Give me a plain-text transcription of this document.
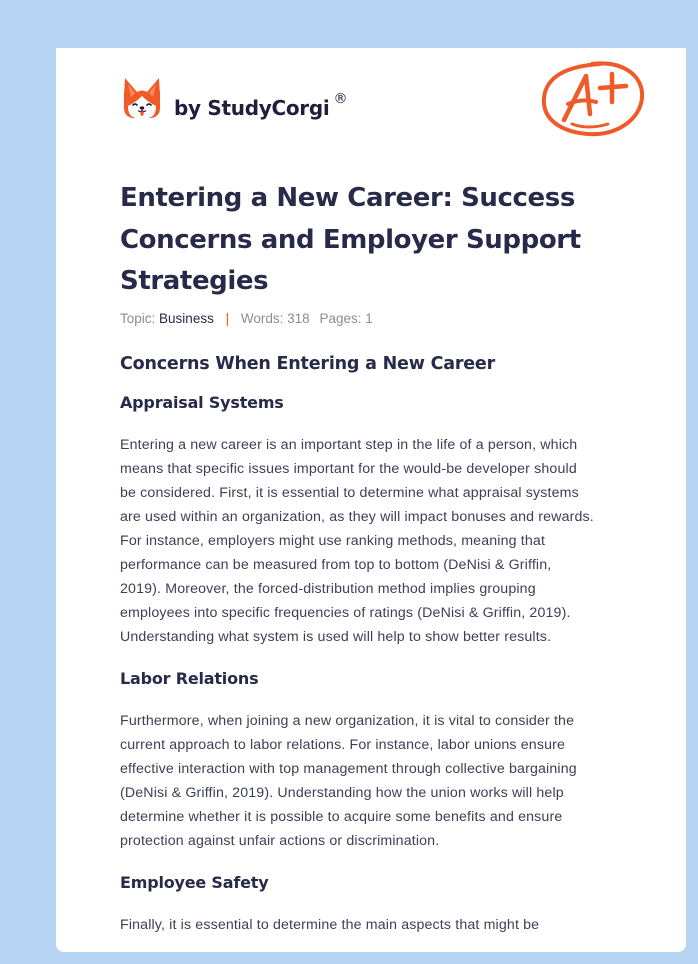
by StudyCorgi ®
Entering a New Career: Success Concerns and Employer Support Strategies
Topic: Business | Words: 318 Pages: 1
Concerns When Entering a New Career
Appraisal Systems

Entering a new career is an important step in the life of a person, which
means that specific issues important for the would-be developer should
be considered. First, it is essential to determine what appraisal systems
are used within an organization, as they will impact bonuses and rewards.
For instance, employers might use ranking methods, meaning that
performance can be measured from top to bottom (DeNisi & Griffin,
2019). Moreover, the forced-distribution method implies grouping
employees into specific frequencies of ratings (DeNisi & Griffin, 2019).
Understanding what system is used will help to show better results.

Labor Relations

Furthermore, when joining a new organization, it is vital to consider the
current approach to labor relations. For instance, labor unions ensure
effective interaction with top management through collective bargaining
(DeNisi & Griffin, 2019). Understanding how the union works will help
determine whether it is possible to acquire some benefits and ensure
protection against unfair actions or discrimination.

Employee Safety

Finally, it is essential to determine the main aspects that might be
